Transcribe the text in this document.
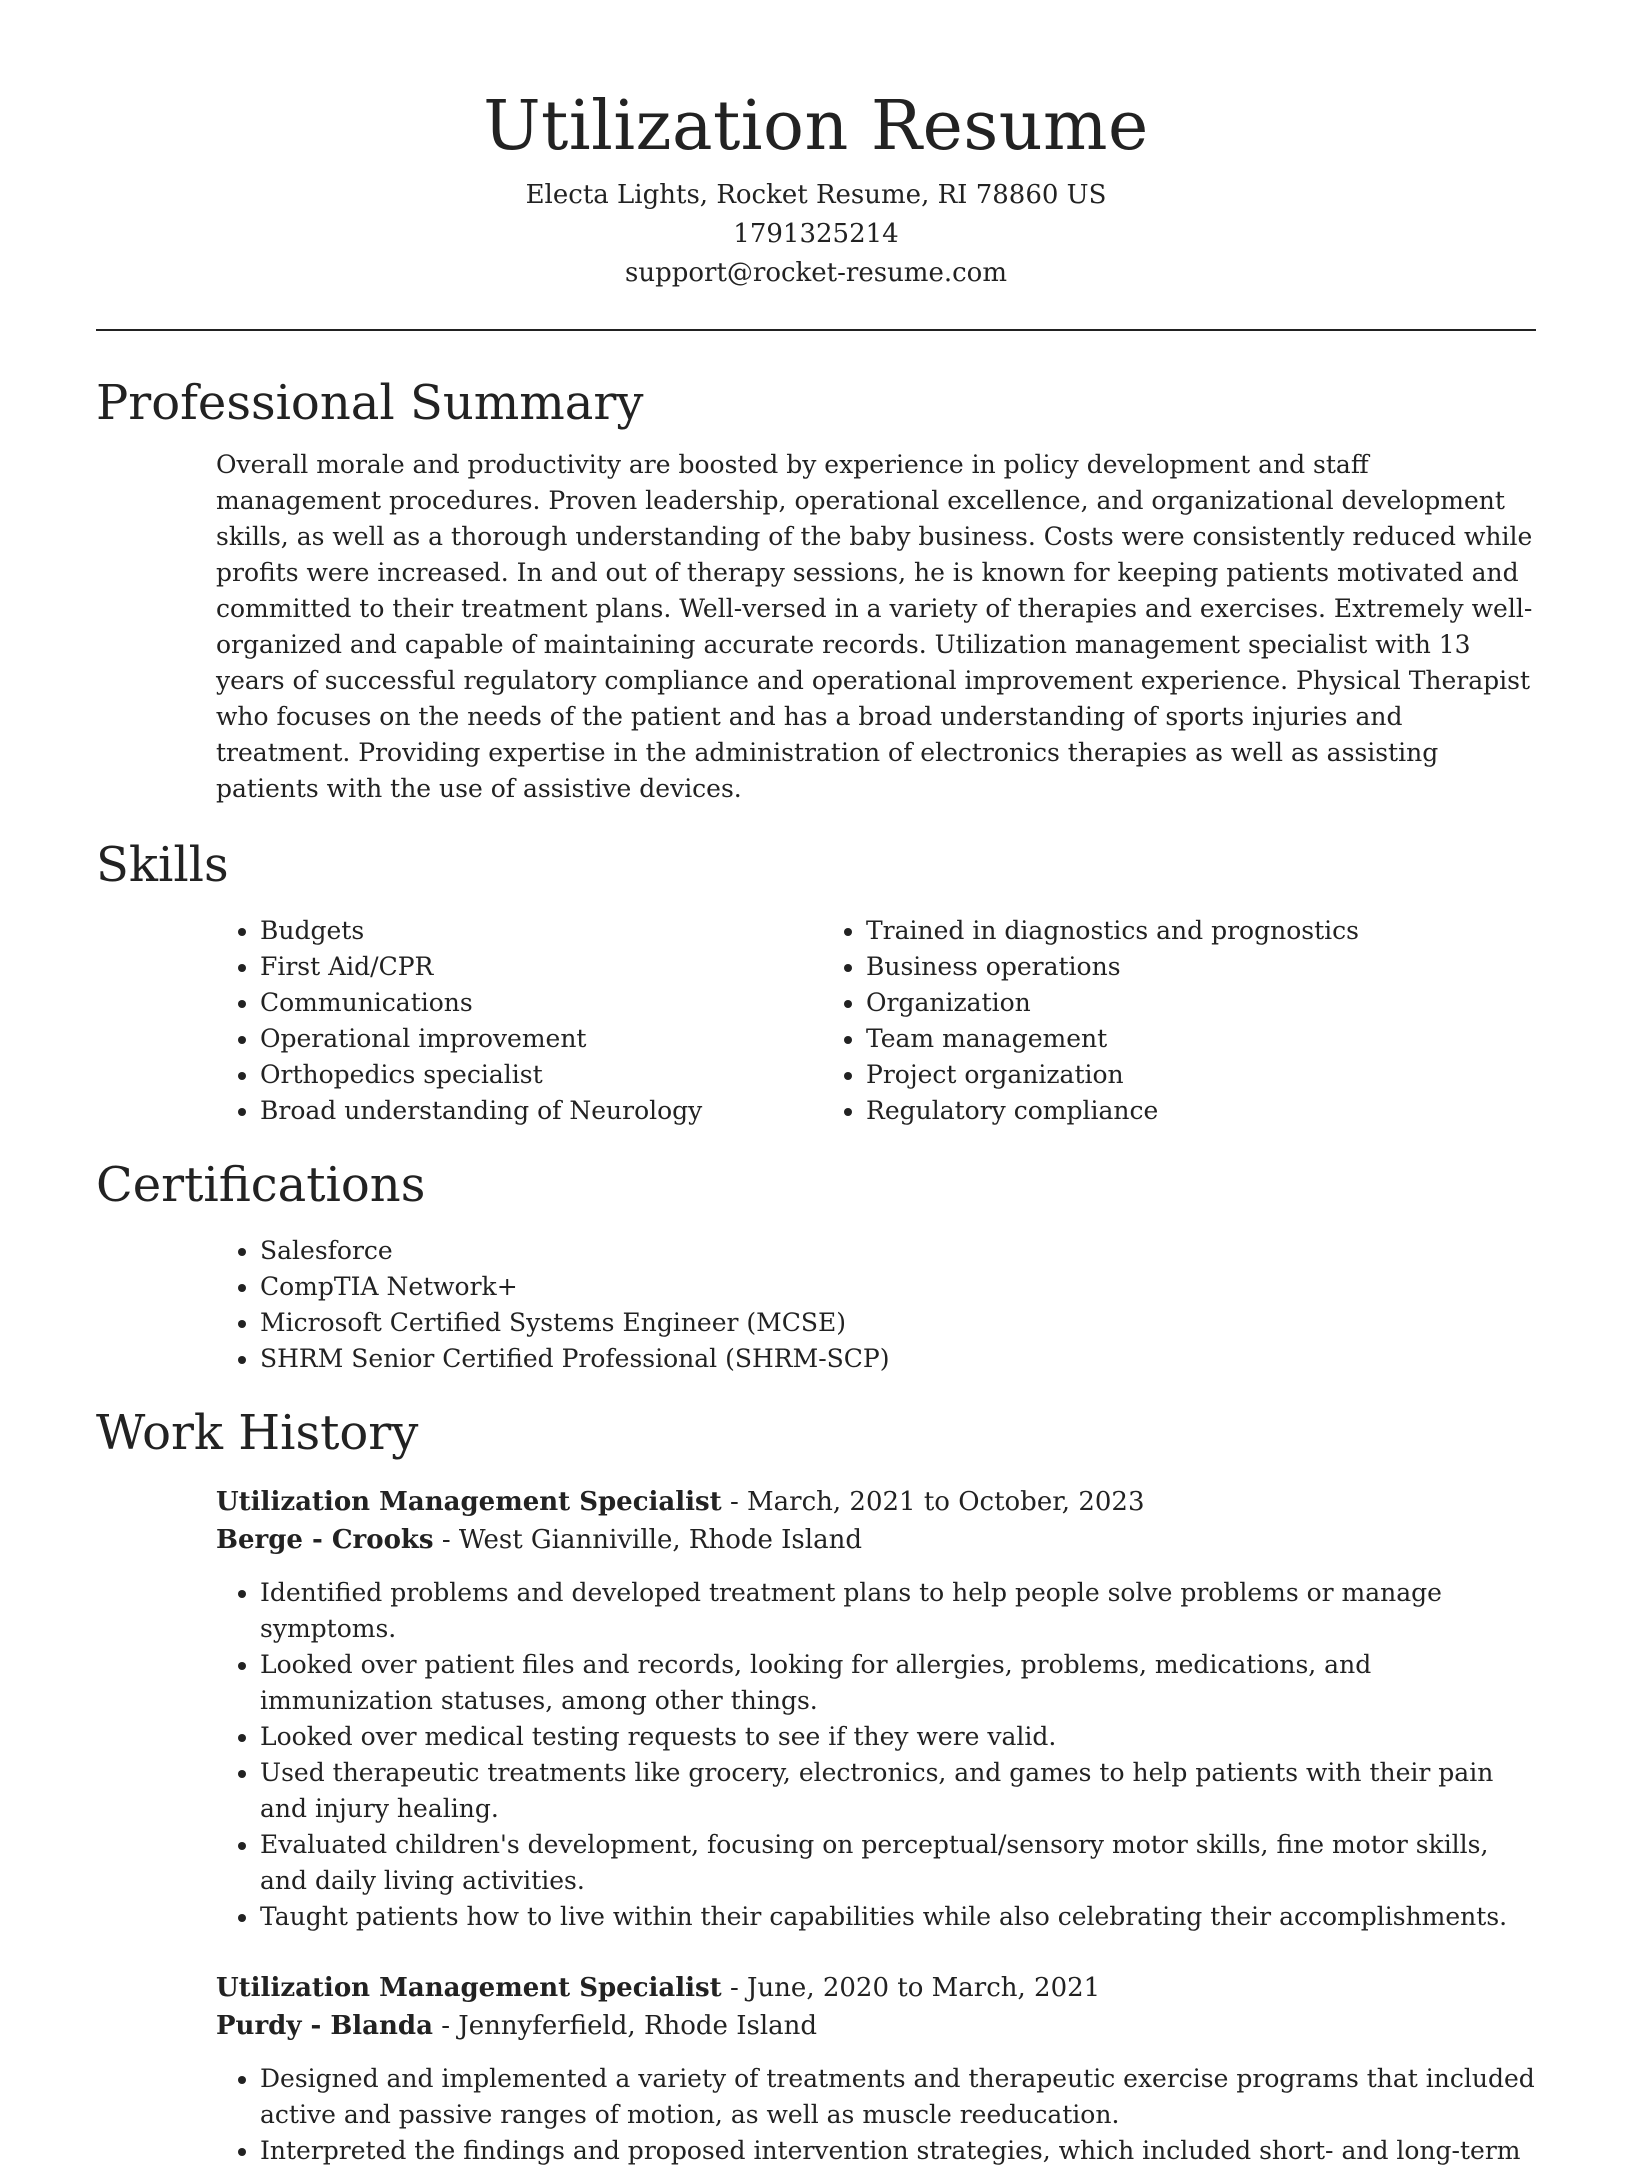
Utilization Resume
Electa Lights, Rocket Resume, RI 78860 US
1791325214
support@rocket-resume.com
Professional Summary

Overall morale and productivity are boosted by experience in policy development and staff management procedures. Proven leadership, operational excellence, and organizational development skills, as well as a thorough understanding of the baby business. Costs were consistently reduced while profits were increased. In and out of therapy sessions, he is known for keeping patients motivated and committed to their treatment plans. Well-versed in a variety of therapies and exercises. Extremely well-organized and capable of maintaining accurate records. Utilization management specialist with 13 years of successful regulatory compliance and operational improvement experience. Physical Therapist who focuses on the needs of the patient and has a broad understanding of sports injuries and treatment. Providing expertise in the administration of electronics therapies as well as assisting patients with the use of assistive devices.

Skills
• Budgets
• First Aid/CPR
• Communications
• Operational improvement
• Orthopedics specialist
• Broad understanding of Neurology
• Trained in diagnostics and prognostics
• Business operations
• Organization
• Team management
• Project organization
• Regulatory compliance
Certifications
• Salesforce
• CompTIA Network+
• Microsoft Certified Systems Engineer (MCSE)
• SHRM Senior Certified Professional (SHRM-SCP)
Work History
Utilization Management Specialist - March, 2021 to October, 2023
Berge - Crooks - West Gianniville, Rhode Island
• Identified problems and developed treatment plans to help people solve problems or manage symptoms.
• Looked over patient files and records, looking for allergies, problems, medications, and immunization statuses, among other things.
• Looked over medical testing requests to see if they were valid.
• Used therapeutic treatments like grocery, electronics, and games to help patients with their pain and injury healing.
• Evaluated children's development, focusing on perceptual/sensory motor skills, fine motor skills, and daily living activities.
• Taught patients how to live within their capabilities while also celebrating their accomplishments.
Utilization Management Specialist - June, 2020 to March, 2021
Purdy - Blanda - Jennyferfield, Rhode Island
• Designed and implemented a variety of treatments and therapeutic exercise programs that included active and passive ranges of motion, as well as muscle reeducation.
• Interpreted the findings and proposed intervention strategies, which included short- and long-term
